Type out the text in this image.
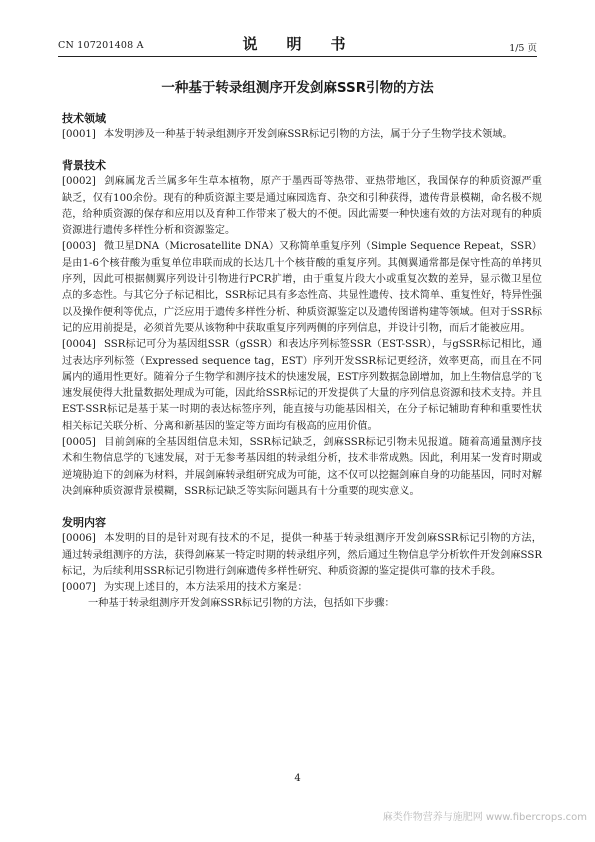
CN 107201408 A	说　明　书	1/5 页
一种基于转录组测序开发剑麻SSR引物的方法

技术领域

[0001] 本发明涉及一种基于转录组测序开发剑麻SSR标记引物的方法，属于分子生物学技术领域。

背景技术

[0002] 剑麻属龙舌兰属多年生草本植物，原产于墨西哥等热带、亚热带地区，我国保存的种质资源严重缺乏，仅有100余份。现有的种质资源主要是通过麻园选育、杂交和引种获得，遗传背景模糊，命名极不规范，给种质资源的保存和应用以及育种工作带来了极大的不便。因此需要一种快速有效的方法对现有的种质资源进行遗传多样性分析和资源鉴定。

[0003] 微卫星DNA（Microsatellite DNA）又称简单重复序列（Simple Sequence Repeat，SSR）是由1-6个核苷酸为重复单位串联而成的长达几十个核苷酸的重复序列。其侧翼通常都是保守性高的单拷贝序列，因此可根据侧翼序列设计引物进行PCR扩增，由于重复片段大小或重复次数的差异，显示微卫星位点的多态性。与其它分子标记相比，SSR标记具有多态性高、共显性遗传、技术简单、重复性好，特异性强以及操作便利等优点，广泛应用于遗传多样性分析、种质资源鉴定以及遗传图谱构建等领域。但对于SSR标记的应用前提是，必须首先要从该物种中获取重复序列两侧的序列信息，并设计引物，而后才能被应用。

[0004] SSR标记可分为基因组SSR（gSSR）和表达序列标签SSR（EST-SSR），与gSSR标记相比，通过表达序列标签（Expressed sequence tag，EST）序列开发SSR标记更经济，效率更高，而且在不同属内的通用性更好。随着分子生物学和测序技术的快速发展，EST序列数据急剧增加，加上生物信息学的飞速发展使得大批量数据处理成为可能，因此给SSR标记的开发提供了大量的序列信息资源和技术支持。并且EST-SSR标记是基于某一时期的表达标签序列，能直接与功能基因相关，在分子标记辅助育种和重要性状相关标记关联分析、分离和新基因的鉴定等方面均有极高的应用价值。

[0005] 目前剑麻的全基因组信息未知，SSR标记缺乏，剑麻SSR标记引物未见报道。随着高通量测序技术和生物信息学的飞速发展，对于无参考基因组的转录组分析，技术非常成熟。因此，利用某一发育时期或逆境胁迫下的剑麻为材料，并展剑麻转录组研究成为可能，这不仅可以挖掘剑麻自身的功能基因，同时对解决剑麻种质资源背景模糊，SSR标记缺乏等实际问题具有十分重要的现实意义。

发明内容

[0006] 本发明的目的是针对现有技术的不足，提供一种基于转录组测序开发剑麻SSR标记引物的方法，通过转录组测序的方法，获得剑麻某一特定时期的转录组序列，然后通过生物信息学分析软件开发剑麻SSR标记，为后续利用SSR标记引物进行剑麻遗传多样性研究、种质资源的鉴定提供可靠的技术手段。

[0007] 为实现上述目的，本方法采用的技术方案是：

一种基于转录组测序开发剑麻SSR标记引物的方法，包括如下步骤：

4
麻类作物营养与施肥网 www.fibercrops.com
